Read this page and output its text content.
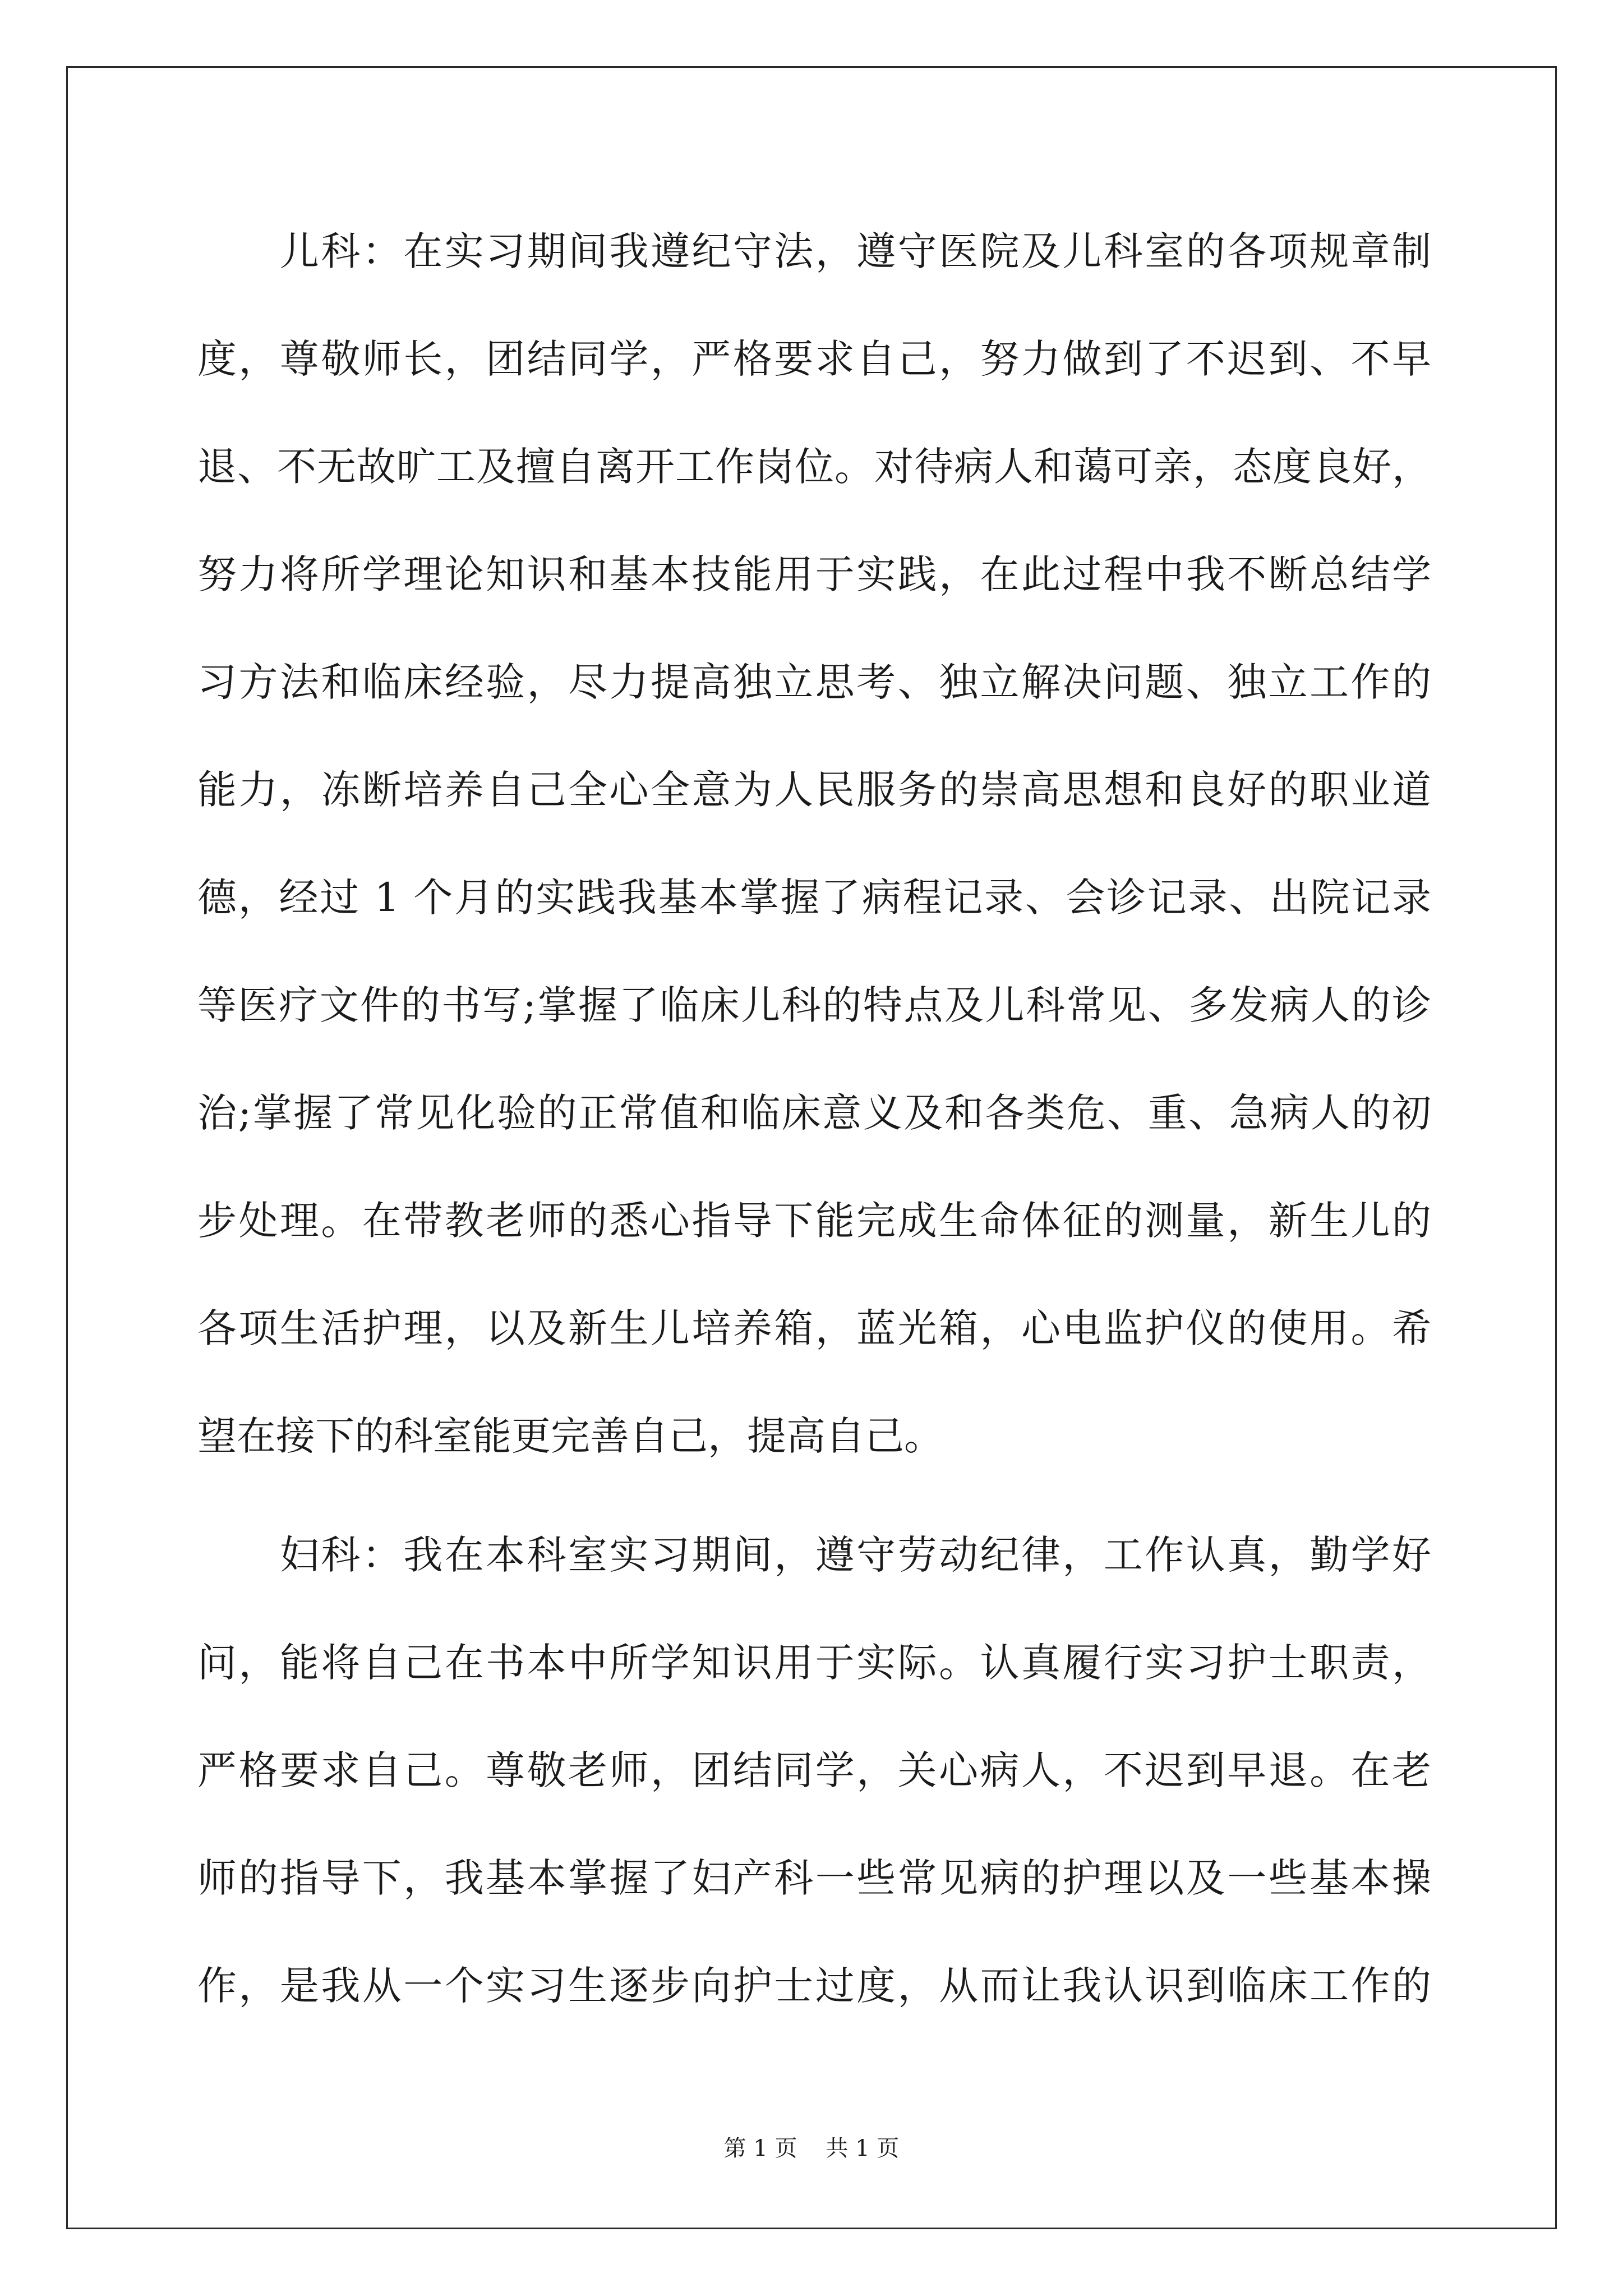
　　儿科：在实习期间我遵纪守法，遵守医院及儿科室的各项规章制
度，尊敬师长，团结同学，严格要求自己，努力做到了不迟到、不早
退、不无故旷工及擅自离开工作岗位。对待病人和蔼可亲，态度良好，
努力将所学理论知识和基本技能用于实践，在此过程中我不断总结学
习方法和临床经验，尽力提高独立思考、独立解决问题、独立工作的
能力，冻断培养自己全心全意为人民服务的崇高思想和良好的职业道
德，经过 1 个月的实践我基本掌握了病程记录、会诊记录、出院记录
等医疗文件的书写;掌握了临床儿科的特点及儿科常见、多发病人的诊
治;掌握了常见化验的正常值和临床意义及和各类危、重、急病人的初
步处理。在带教老师的悉心指导下能完成生命体征的测量，新生儿的
各项生活护理，以及新生儿培养箱，蓝光箱，心电监护仪的使用。希
望在接下的科室能更完善自己，提高自己。
　　妇科：我在本科室实习期间，遵守劳动纪律，工作认真，勤学好
问，能将自己在书本中所学知识用于实际。认真履行实习护士职责，
严格要求自己。尊敬老师，团结同学，关心病人，不迟到早退。在老
师的指导下，我基本掌握了妇产科一些常见病的护理以及一些基本操
作，是我从一个实习生逐步向护士过度，从而让我认识到临床工作的
第 1 页 共 1 页
